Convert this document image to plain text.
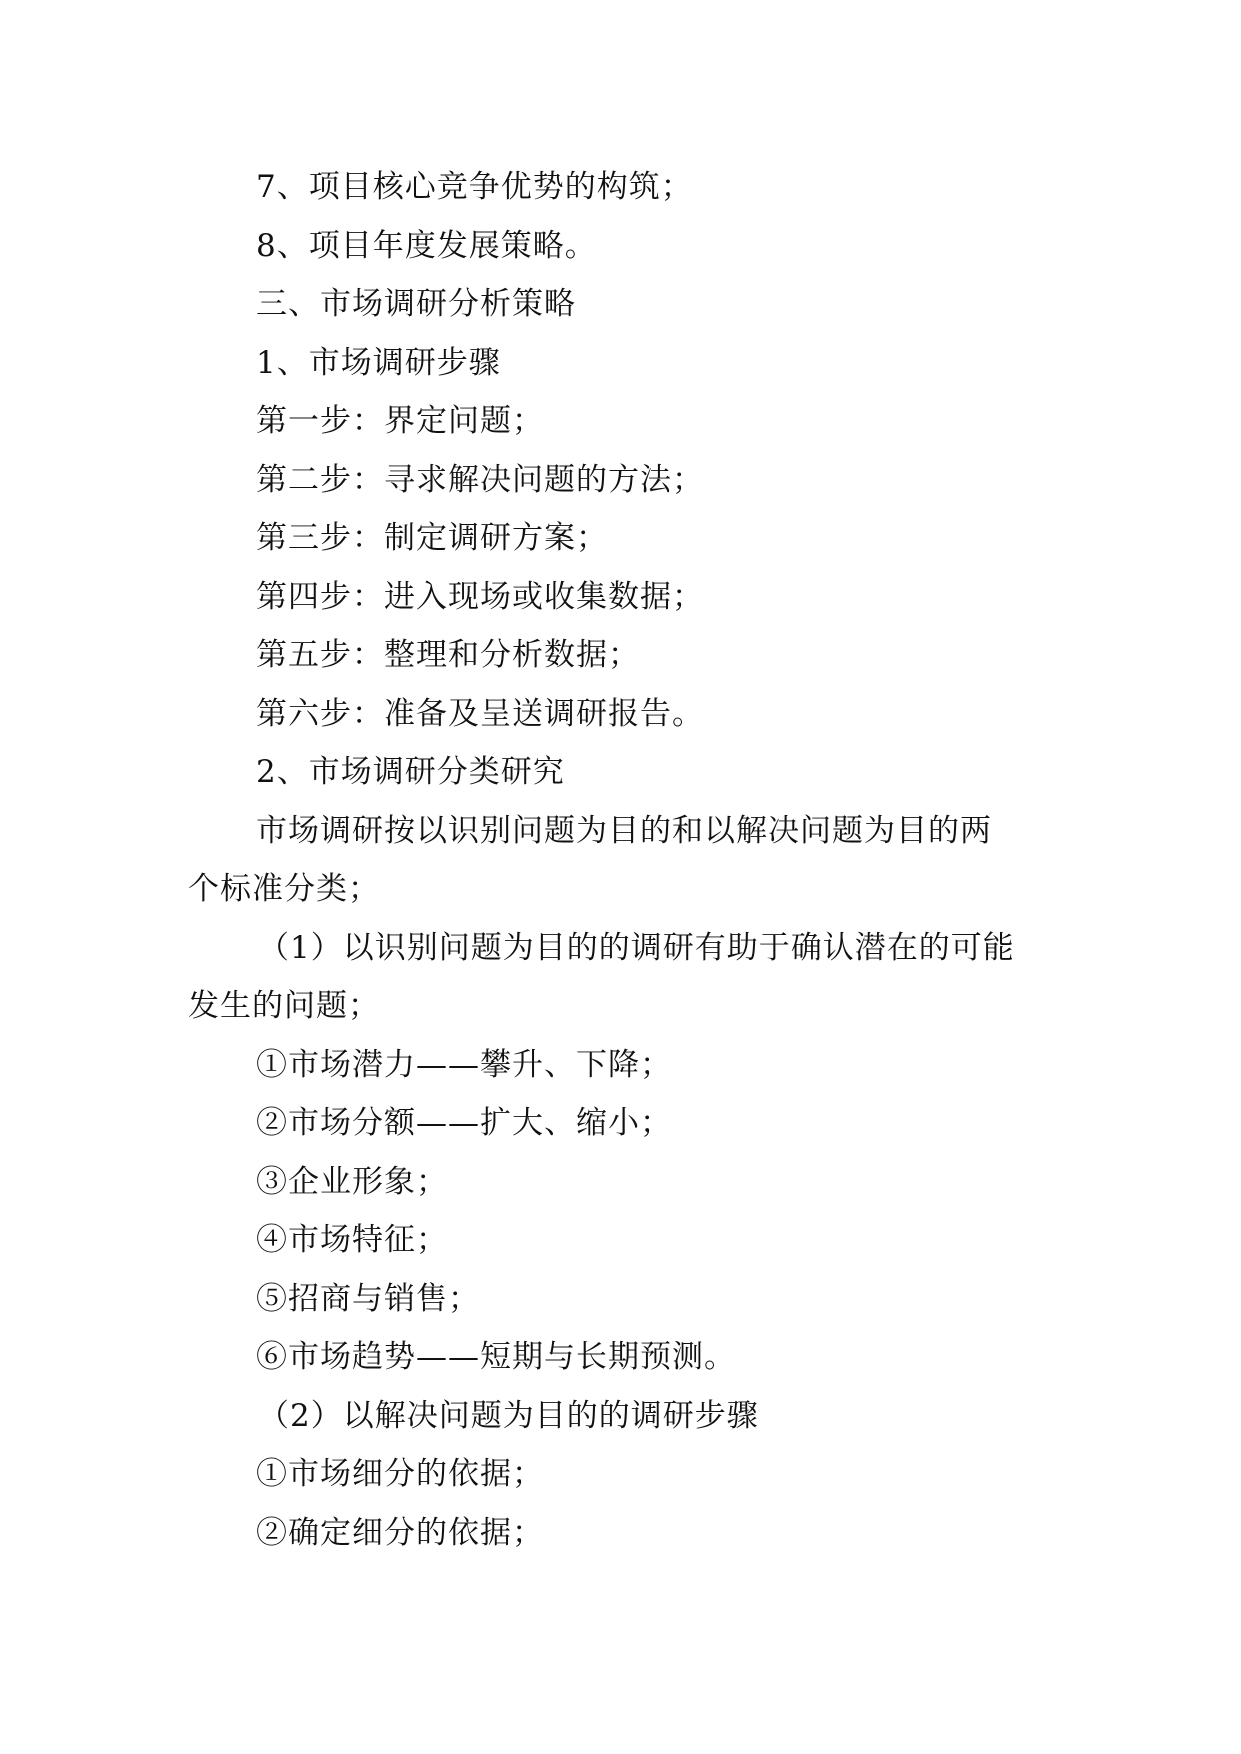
7、项目核心竞争优势的构筑；
8、项目年度发展策略。
三、市场调研分析策略
1、市场调研步骤
第一步：界定问题；
第二步：寻求解决问题的方法；
第三步：制定调研方案；
第四步：进入现场或收集数据；
第五步：整理和分析数据；
第六步：准备及呈送调研报告。
2、市场调研分类研究
市场调研按以识别问题为目的和以解决问题为目的两
个标准分类；
（1）以识别问题为目的的调研有助于确认潜在的可能
发生的问题；
①市场潜力——攀升、下降；
②市场分额——扩大、缩小；
③企业形象；
④市场特征；
⑤招商与销售；
⑥市场趋势——短期与长期预测。
（2）以解决问题为目的的调研步骤
①市场细分的依据；
②确定细分的依据；
